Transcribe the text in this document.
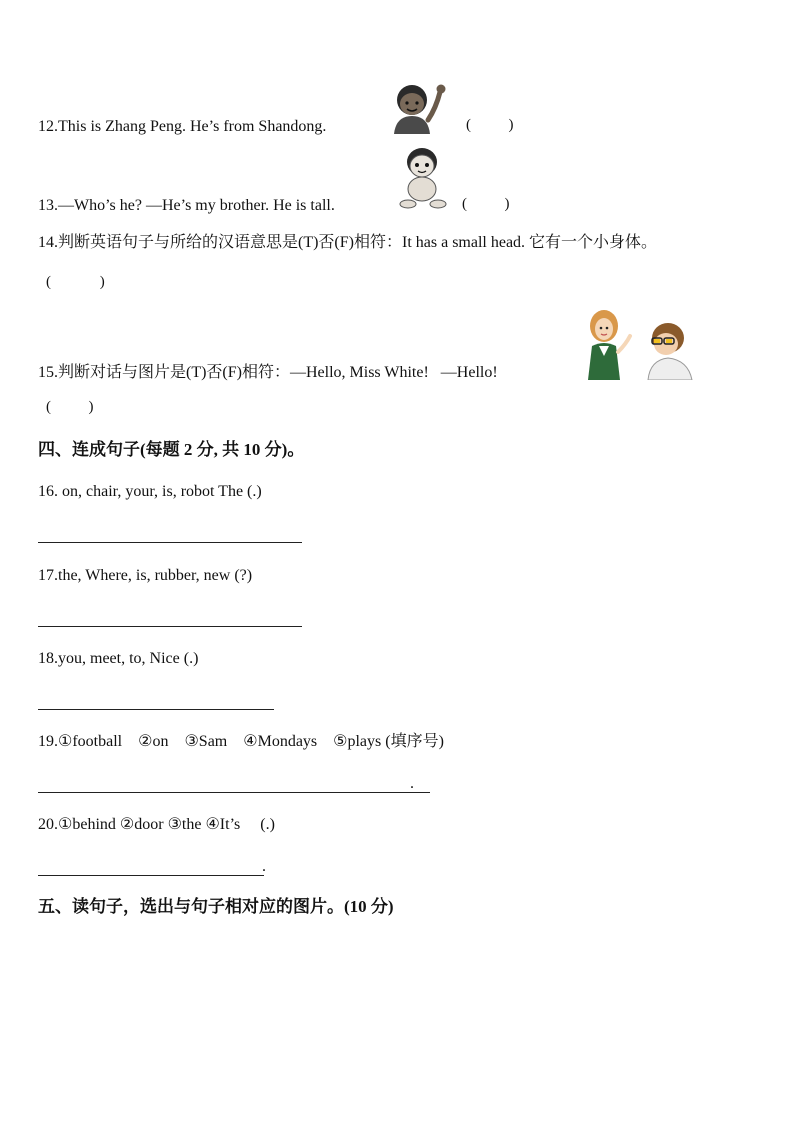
12.This is Zhang Peng. He’s from Shandong.	(          )
13.—Who’s he? —He’s my brother. He is tall.	(          )
14.判断英语句子与所给的汉语意思是(T)否(F)相符：It has a small head. 它有一个小身体。
(             )
15.判断对话与图片是(T)否(F)相符：—Hello, Miss White!   —Hello!
(          )
四、连成句子(每题 2 分, 共 10 分)。
16. on, chair, your, is, robot The (.)
17.the, Where, is, rubber, new (?)
18.you, meet, to, Nice (.)
19.①football    ②on    ③Sam    ④Mondays    ⑤plays (填序号)
.
20.①behind ②door ③the ④It’s     (.)
.
五、读句子，选出与句子相对应的图片。(10 分)
